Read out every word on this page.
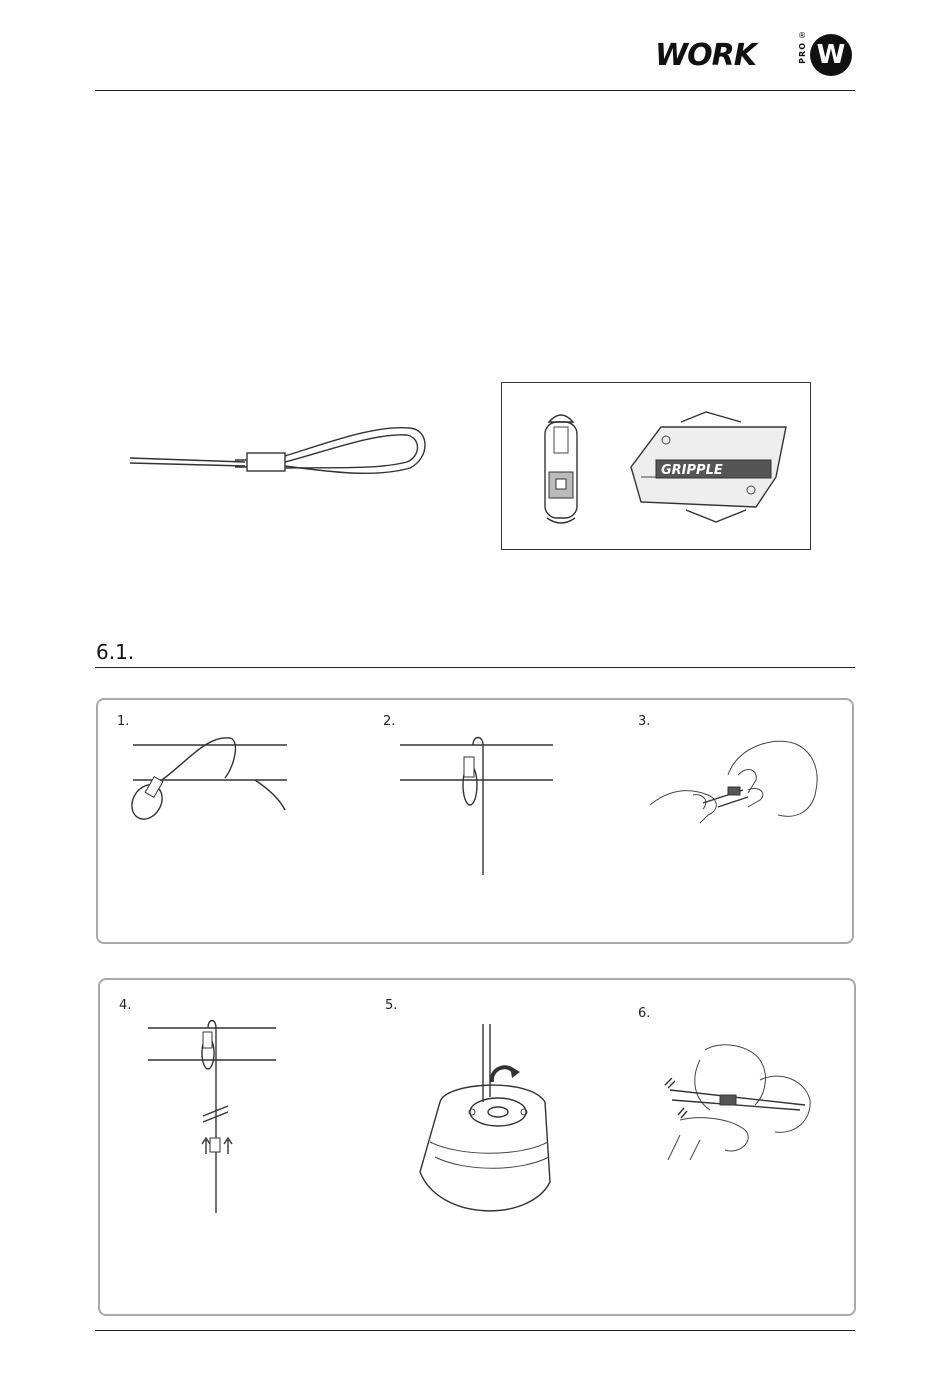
WORK
®
PRO W
GRIPPLE
6.1.
1.	2.	3.
4.	5.
6.
